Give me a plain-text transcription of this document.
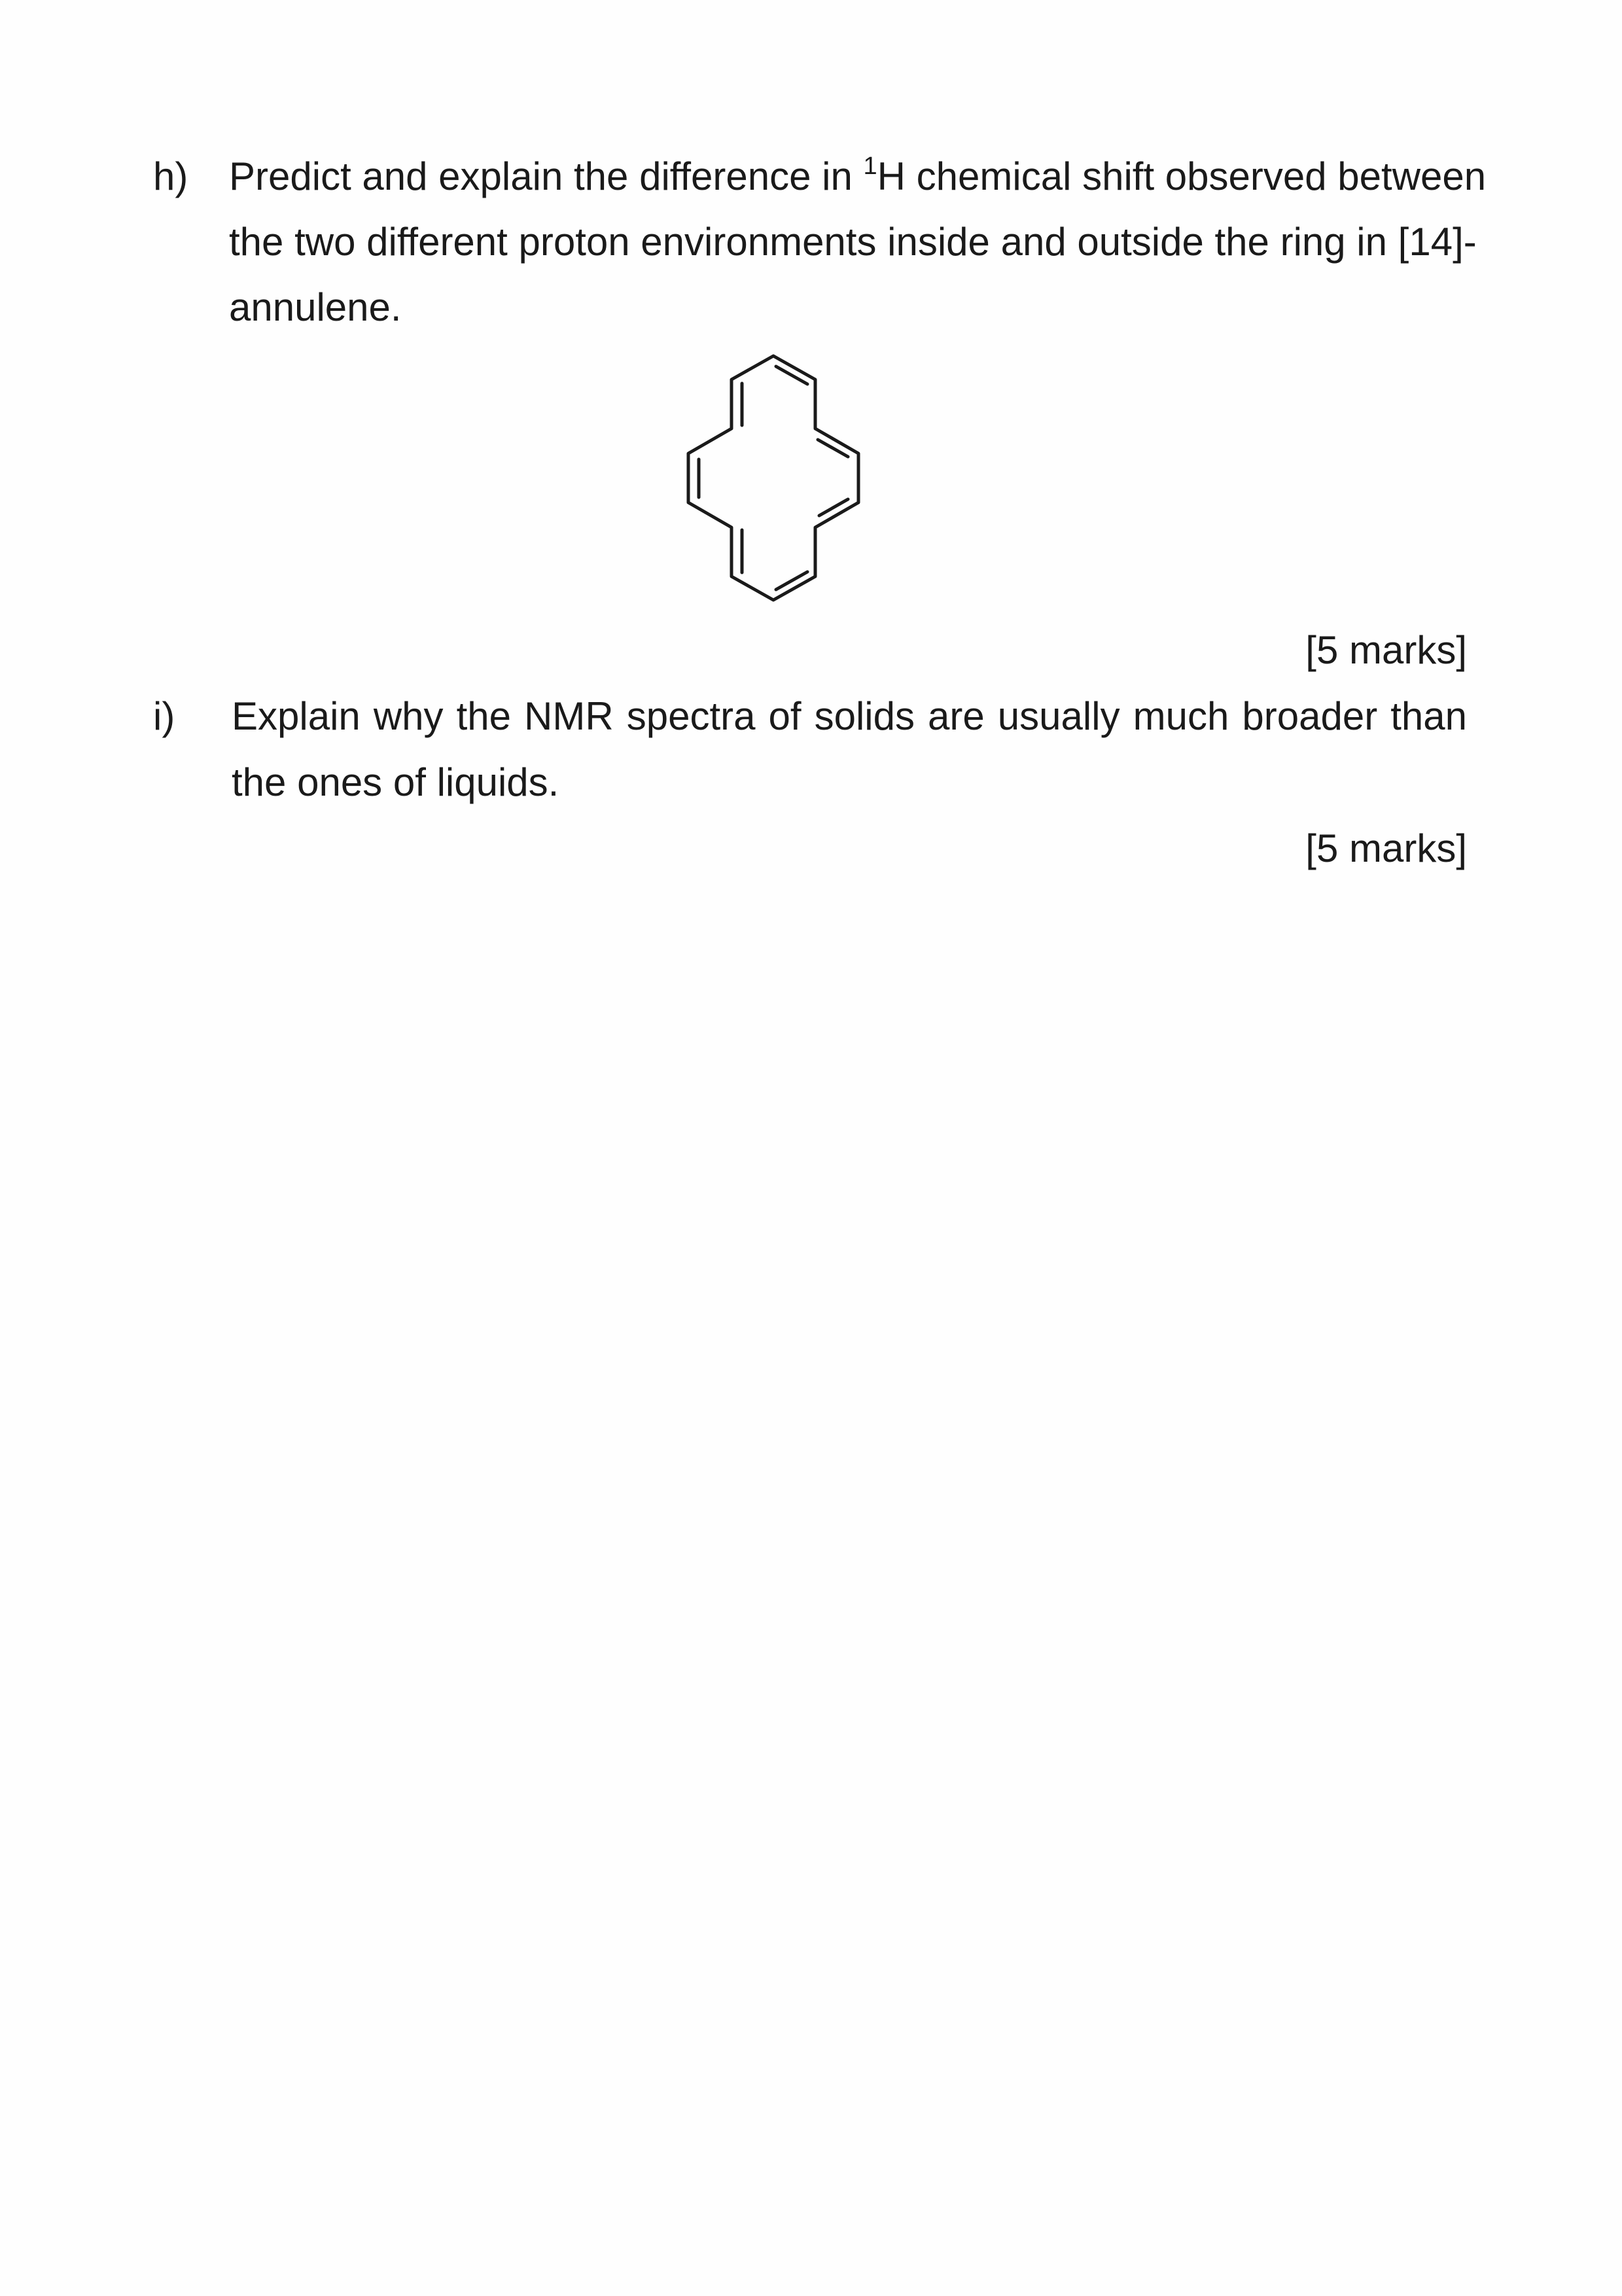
h) Predict and explain the difference in $^1$H chemical shift observed between
the two different proton environments inside and outside the ring in [14]-
annulene.
[5 marks]
i) Explain why the NMR spectra of solids are usually much broader than
the ones of liquids.
[5 marks]
